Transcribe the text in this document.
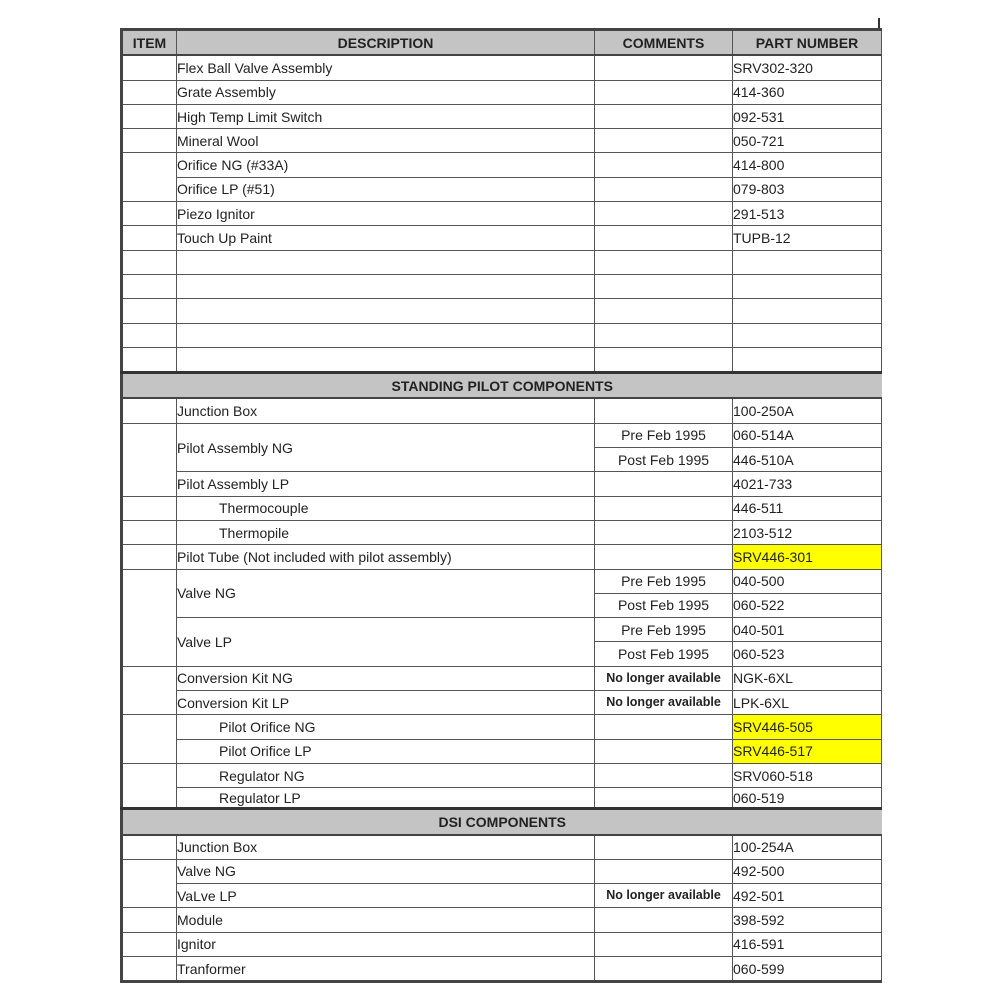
ITEM	DESCRIPTION	COMMENTS	PART NUMBER
	Flex Ball Valve Assembly		SRV302-320
	Grate Assembly		414-360
	High Temp Limit Switch		092-531
	Mineral Wool		050-721
	Orifice NG (#33A)		414-800
	Orifice LP (#51)		079-803
	Piezo Ignitor		291-513
	Touch Up Paint		TUPB-12

STANDING PILOT COMPONENTS			
	Junction Box		100-250A
	Pilot Assembly NG	Pre Feb 1995	060-514A
		Post Feb 1995	446-510A
	Pilot Assembly LP		4021-733
	Thermocouple		446-511
	Thermopile		2103-512
	Pilot Tube (Not included with pilot assembly)		SRV446-301
	Valve NG	Pre Feb 1995	040-500
		Post Feb 1995	060-522
	Valve LP	Pre Feb 1995	040-501
		Post Feb 1995	060-523
	Conversion Kit NG	No longer available	NGK-6XL
	Conversion Kit LP	No longer available	LPK-6XL
	Pilot Orifice NG		SRV446-505
	Pilot Orifice LP		SRV446-517
	Regulator NG		SRV060-518

	Regulator LP		060-519

DSI COMPONENTS			
	Junction Box		100-254A
	Valve NG		492-500
	VaLve LP	No longer available	492-501
	Module		398-592
	Ignitor		416-591
	Tranformer		060-599
